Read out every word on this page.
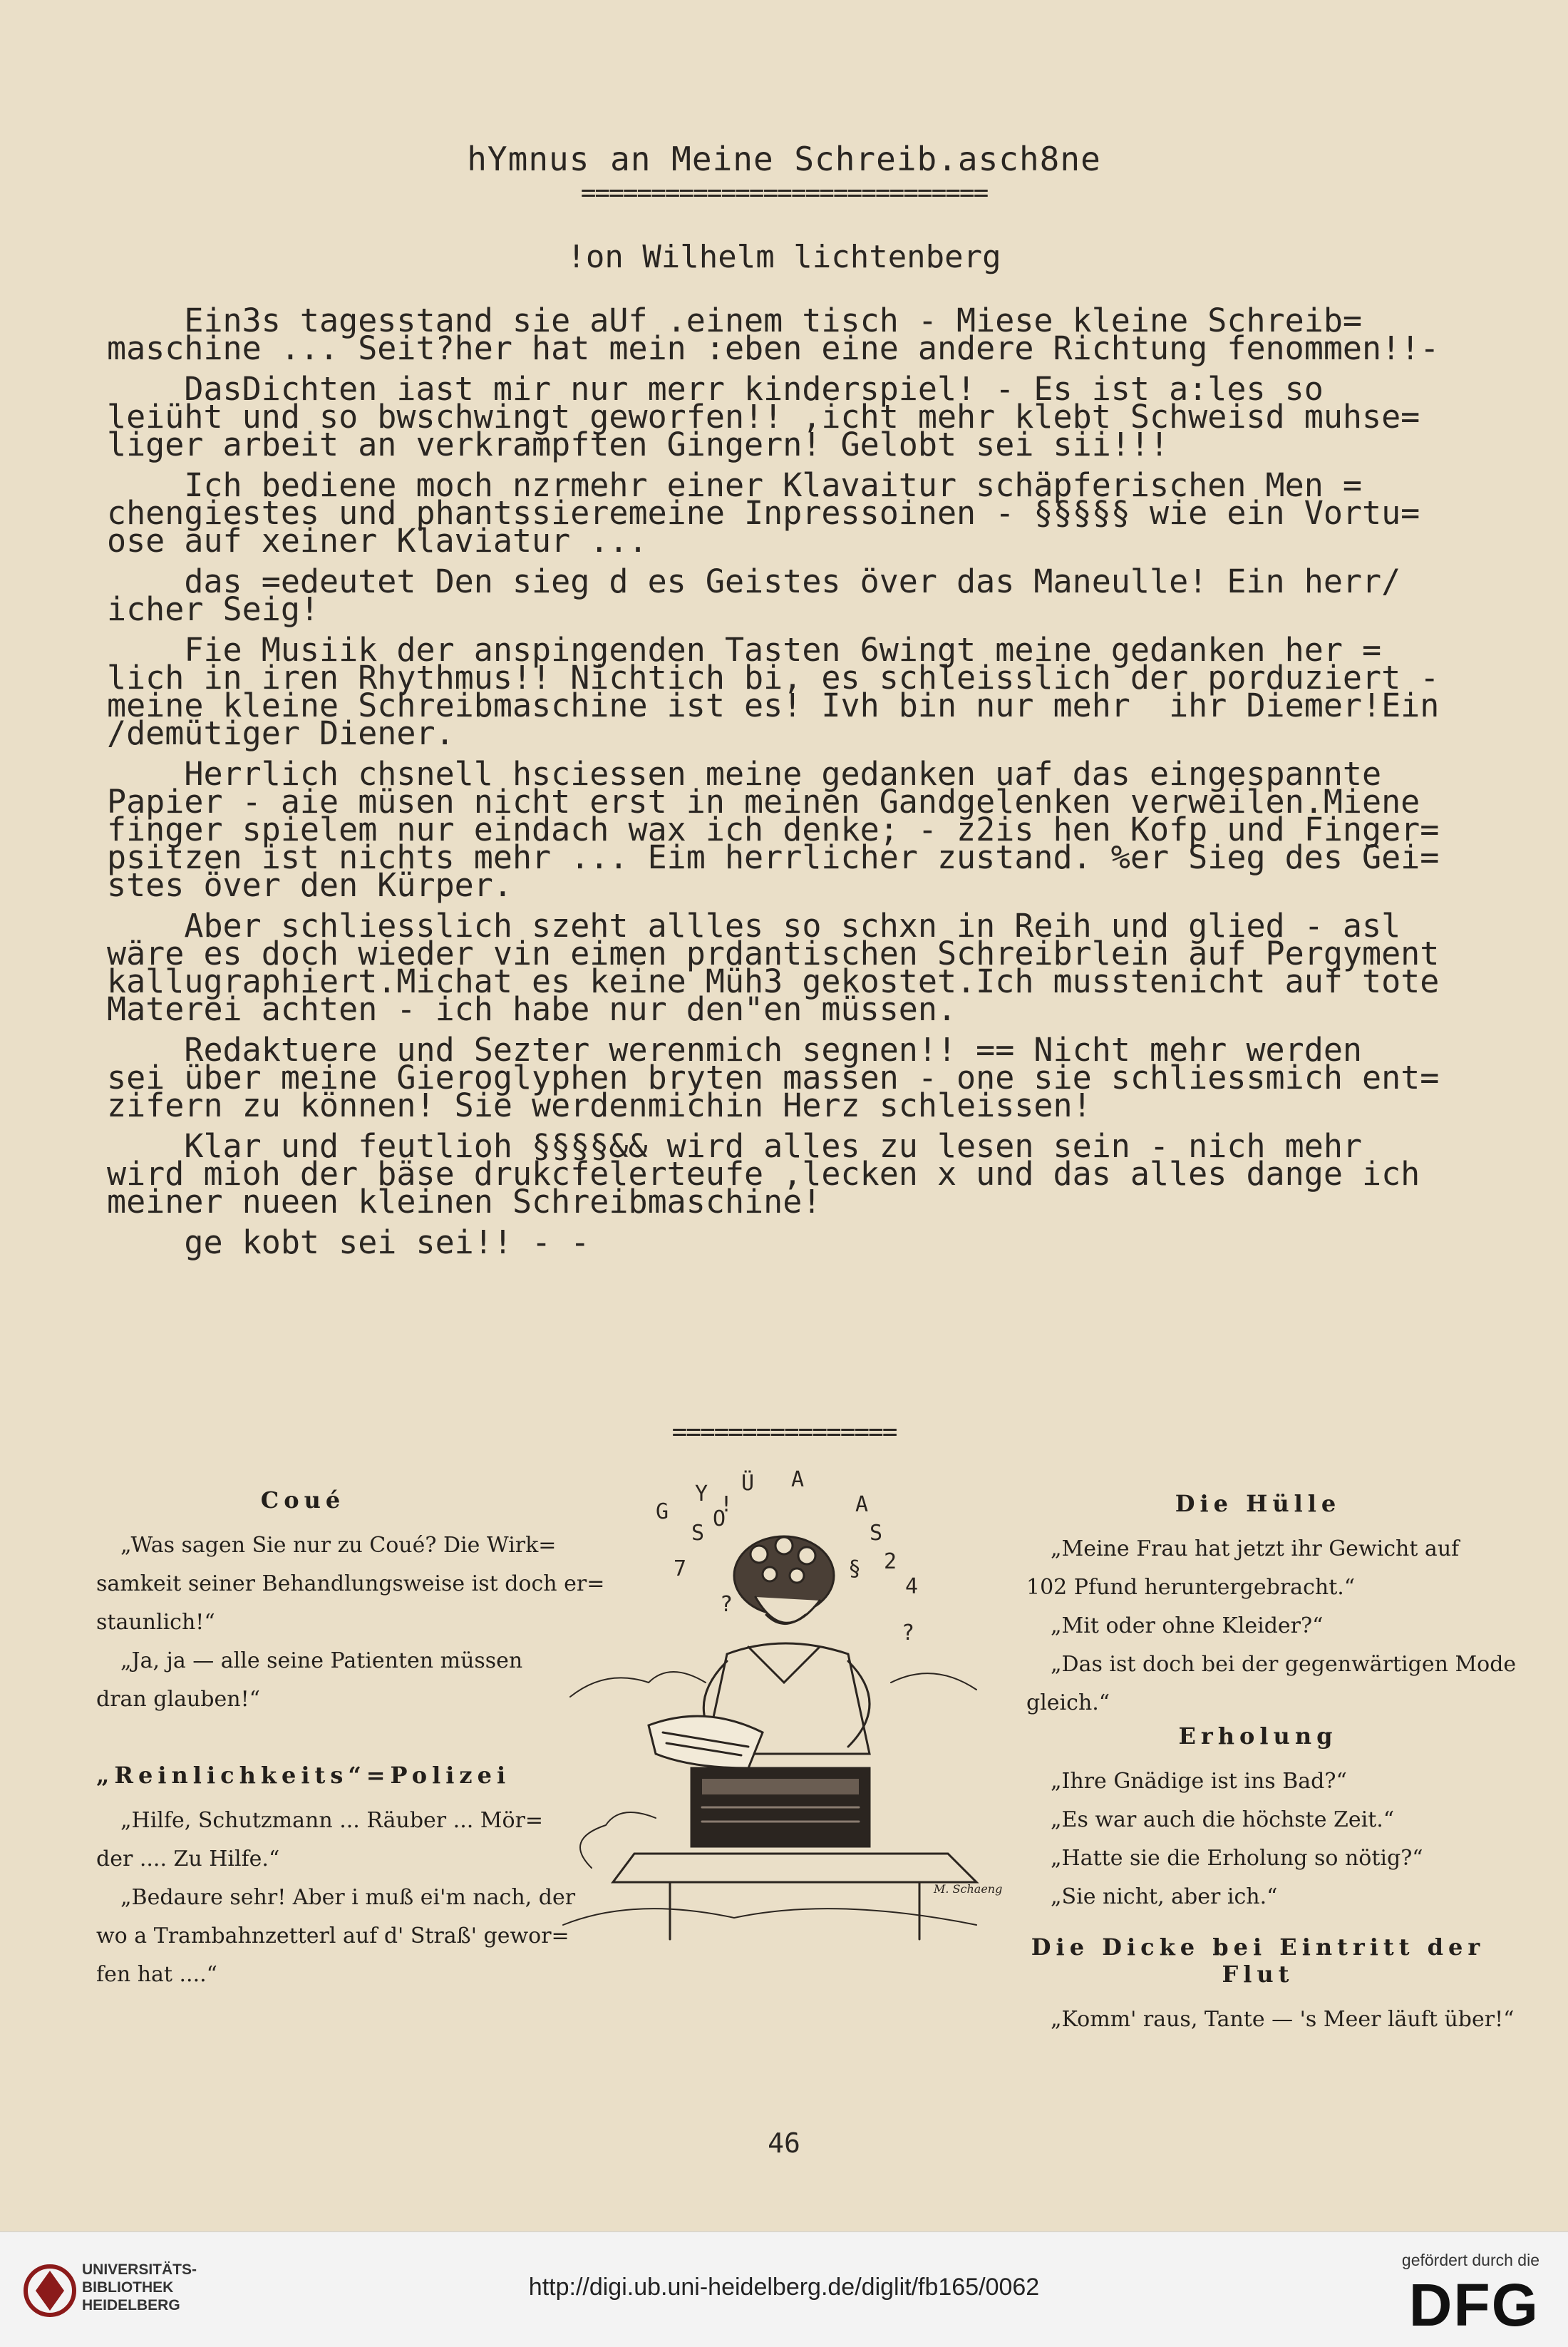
hYmnus an Meine Schreib.asch8ne
=============================
!on Wilhelm lichtenberg
Ein3s tagesstand sie aUf .einem tisch - Miese kleine Schreib=
maschine ... Seit?her hat mein :eben eine andere Richtung fenommen!!-
DasDichten iast mir nur merr kinderspiel! - Es ist a:les so
leiüht und so bwschwingt geworfen!! ,icht mehr klebt Schweisd muhse=
liger arbeit an verkrampften Gingern! Gelobt sei sii!!!
Ich bediene moch nzrmehr einer Klavaitur schäpferischen Men =
chengiestes und phantssieremeine Inpressoinen - §§§§§ wie ein Vortu=
ose auf xeiner Klaviatur ...
das =edeutet Den sieg d es Geistes över das Maneulle! Ein herr/
icher Seig!
Fie Musiik der anspingenden Tasten 6wingt meine gedanken her =
lich in iren Rhythmus!! Nichtich bi, es schleisslich der porduziert -
meine kleine Schreibmaschine ist es! Ivh bin nur mehr  ihr Diemer!Ein
/demütiger Diener.
Herrlich chsnell hsciessen meine gedanken uaf das eingespannte
Papier - aie müsen nicht erst in meinen Gandgelenken verweilen.Miene
finger spielem nur eindach wax ich denke; - z2is hen Kofp und Finger=
psitzen ist nichts mehr ... Eim herrlicher zustand. %er Sieg des Gei=
stes över den Kürper.
Aber schliesslich szeht allles so schxn in Reih und glied - asl
wäre es doch wieder vin eimen prdantischen Schreibrlein auf Pergyment
kallugraphiert.Michat es keine Müh3 gekostet.Ich musstenicht auf tote
Materei achten - ich habe nur den"en müssen.
Redaktuere und Sezter werenmich segnen!! == Nicht mehr werden
sei über meine Gieroglyphen bryten massen - one sie schliessmich ent=
zifern zu können! Sie werdenmichin Herz schleissen!
Klar und feutlioh §§§§&& wird alles zu lesen sein - nich mehr
wird mioh der bäse drukcfelerteufe ,lecken x und das alles dange ich
meiner nueen kleinen Schreibmaschine!
ge kobt sei sei!! - -
================
Coué
„Was sagen Sie nur zu Coué? Die Wirk=
samkeit seiner Behandlungsweise ist doch er=
staunlich!“
„Ja, ja — alle seine Patienten müssen
dran glauben!“
„Reinlichkeits“=Polizei
„Hilfe, Schutzmann ... Räuber ... Mör=
der .... Zu Hilfe.“
„Bedaure sehr! Aber i muß ei'm nach, der
wo a Trambahnzetterl auf d' Straß' gewor=
fen hat ....“
G
Y Ü A
!	A
S
O
7
S
2
4
§
?
?
M. Schaeng
Die Hülle
„Meine Frau hat jetzt ihr Gewicht auf
102 Pfund heruntergebracht.“
„Mit oder ohne Kleider?“
„Das ist doch bei der gegenwärtigen Mode
gleich.“
Erholung
„Ihre Gnädige ist ins Bad?“
„Es war auch die höchste Zeit.“
„Hatte sie die Erholung so nötig?“
„Sie nicht, aber ich.“
Die Dicke bei Eintritt der Flut
„Komm' raus, Tante — 's Meer läuft über!“
46
UNIVERSITÄTS-
BIBLIOTHEK
HEIDELBERG
http://digi.ub.uni-heidelberg.de/diglit/fb165/0062
gefördert durch die
DFG
